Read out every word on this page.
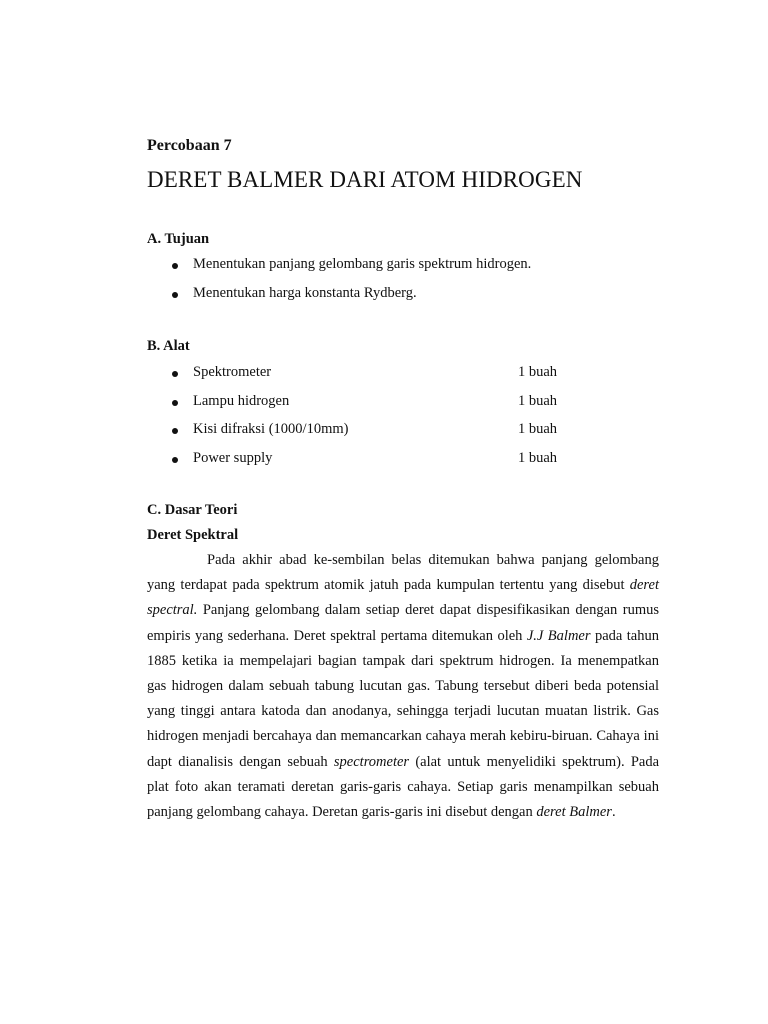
Percobaan 7
DERET BALMER DARI ATOM HIDROGEN
A. Tujuan
Menentukan panjang gelombang garis spektrum hidrogen.
Menentukan harga konstanta Rydberg.
B. Alat
Spektrometer	1 buah
Lampu hidrogen	1 buah
Kisi difraksi (1000/10mm)	1 buah
Power supply	1 buah
C. Dasar Teori
Deret Spektral

Pada akhir abad ke-sembilan belas ditemukan bahwa panjang gelombang yang terdapat pada spektrum atomik jatuh pada kumpulan tertentu yang disebut deret spectral. Panjang gelombang dalam setiap deret dapat dispesifikasikan dengan rumus empiris yang sederhana. Deret spektral pertama ditemukan oleh J.J Balmer pada tahun 1885 ketika ia mempelajari bagian tampak dari spektrum hidrogen. Ia menempatkan gas hidrogen dalam sebuah tabung lucutan gas. Tabung tersebut diberi beda potensial yang tinggi antara katoda dan anodanya, sehingga terjadi lucutan muatan listrik. Gas hidrogen menjadi bercahaya dan memancarkan cahaya merah kebiru-biruan. Cahaya ini dapt dianalisis dengan sebuah spectrometer (alat untuk menyelidiki spektrum). Pada plat foto akan teramati deretan garis-garis cahaya. Setiap garis menampilkan sebuah panjang gelombang cahaya. Deretan garis-garis ini disebut dengan deret Balmer.
